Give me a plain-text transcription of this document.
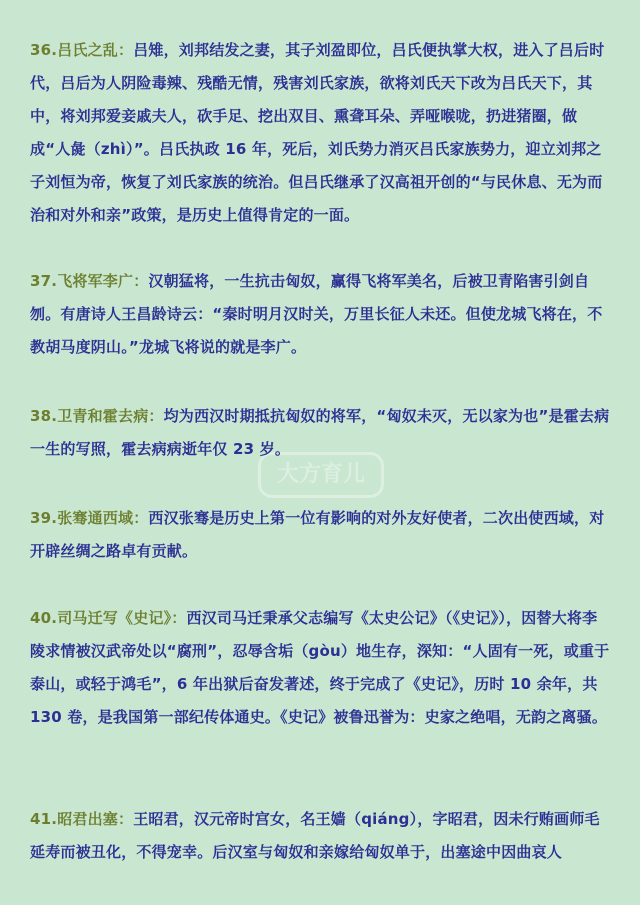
大方育儿
36.吕氏之乱：吕雉，刘邦结发之妻，其子刘盈即位，吕氏便执掌大权，进入了吕后时代，吕后为人阴险毒辣、残酷无情，残害刘氏家族，欲将刘氏天下改为吕氏天下，其中，将刘邦爱妾戚夫人，砍手足、挖出双目、熏聋耳朵、弄哑喉咙，扔进猪圈，做成“人彘（zhì）”。吕氏执政 16 年，死后，刘氏势力消灭吕氏家族势力，迎立刘邦之子刘恒为帝，恢复了刘氏家族的统治。但吕氏继承了汉高祖开创的“与民休息、无为而治和对外和亲”政策，是历史上值得肯定的一面。
37.飞将军李广：汉朝猛将，一生抗击匈奴，赢得飞将军美名，后被卫青陷害引剑自刎。有唐诗人王昌龄诗云：“秦时明月汉时关，万里长征人未还。但使龙城飞将在，不教胡马度阴山。”龙城飞将说的就是李广。
38.卫青和霍去病：均为西汉时期抵抗匈奴的将军，“匈奴未灭，无以家为也”是霍去病一生的写照，霍去病病逝年仅 23 岁。
39.张骞通西域：西汉张骞是历史上第一位有影响的对外友好使者，二次出使西域，对开辟丝绸之路卓有贡献。
40.司马迁写《史记》：西汉司马迁秉承父志编写《太史公记》（《史记》），因替大将李陵求情被汉武帝处以“腐刑”，忍辱含垢（gòu）地生存，深知：“人固有一死，或重于泰山，或轻于鸿毛”，6 年出狱后奋发著述，终于完成了《史记》，历时 10 余年，共 130 卷，是我国第一部纪传体通史。《史记》被鲁迅誉为：史家之绝唱，无韵之离骚。
41.昭君出塞：王昭君，汉元帝时宫女，名王嫱（qiáng），字昭君，因未行贿画师毛延寿而被丑化，不得宠幸。后汉室与匈奴和亲嫁给匈奴单于，出塞途中因曲哀人
